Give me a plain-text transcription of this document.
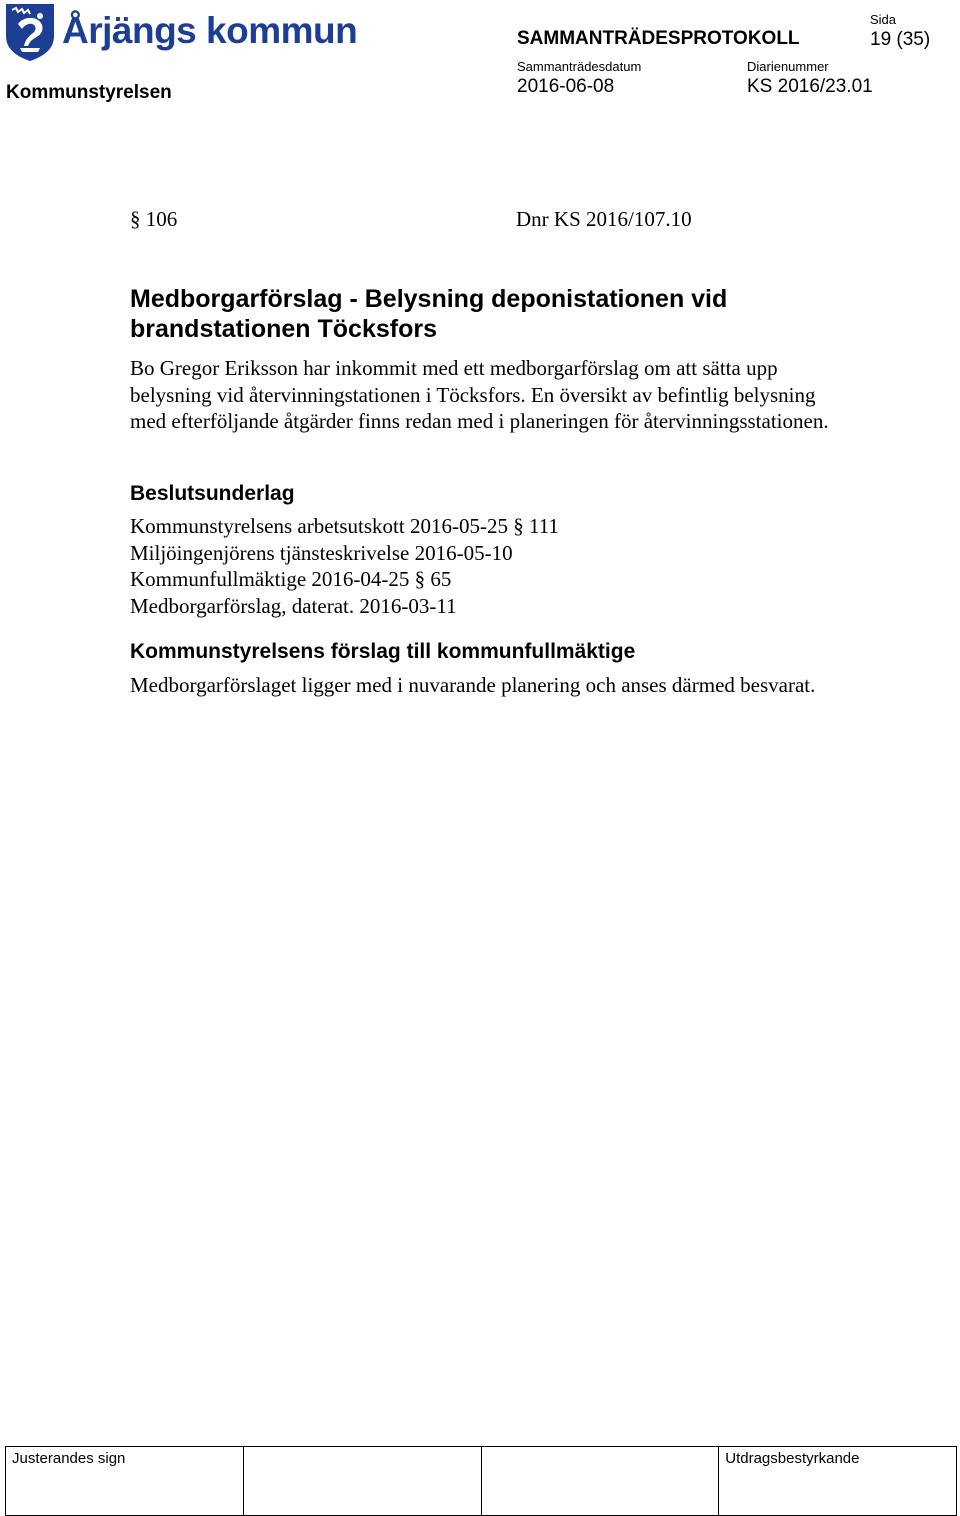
Årjängs kommun
Kommunstyrelsen
SAMMANTRÄDESPROTOKOLL
Sida
19 (35)
Sammanträdesdatum
2016-06-08
Diarienummer
KS 2016/23.01
§ 106	Dnr KS 2016/107.10
Medborgarförslag - Belysning deponistationen vid brandstationen Töcksfors

Bo Gregor Eriksson har inkommit med ett medborgarförslag om att sätta upp belysning vid återvinningstationen i Töcksfors. En översikt av befintlig belysning med efterföljande åtgärder finns redan med i planeringen för återvinningsstationen.

Beslutsunderlag
Kommunstyrelsens arbetsutskott 2016-05-25 § 111
Miljöingenjörens tjänsteskrivelse 2016-05-10
Kommunfullmäktige 2016-04-25 § 65
Medborgarförslag, daterat. 2016-03-11
Kommunstyrelsens förslag till kommunfullmäktige

Medborgarförslaget ligger med i nuvarande planering och anses därmed besvarat.

Justerandes sign			Utdragsbestyrkande
